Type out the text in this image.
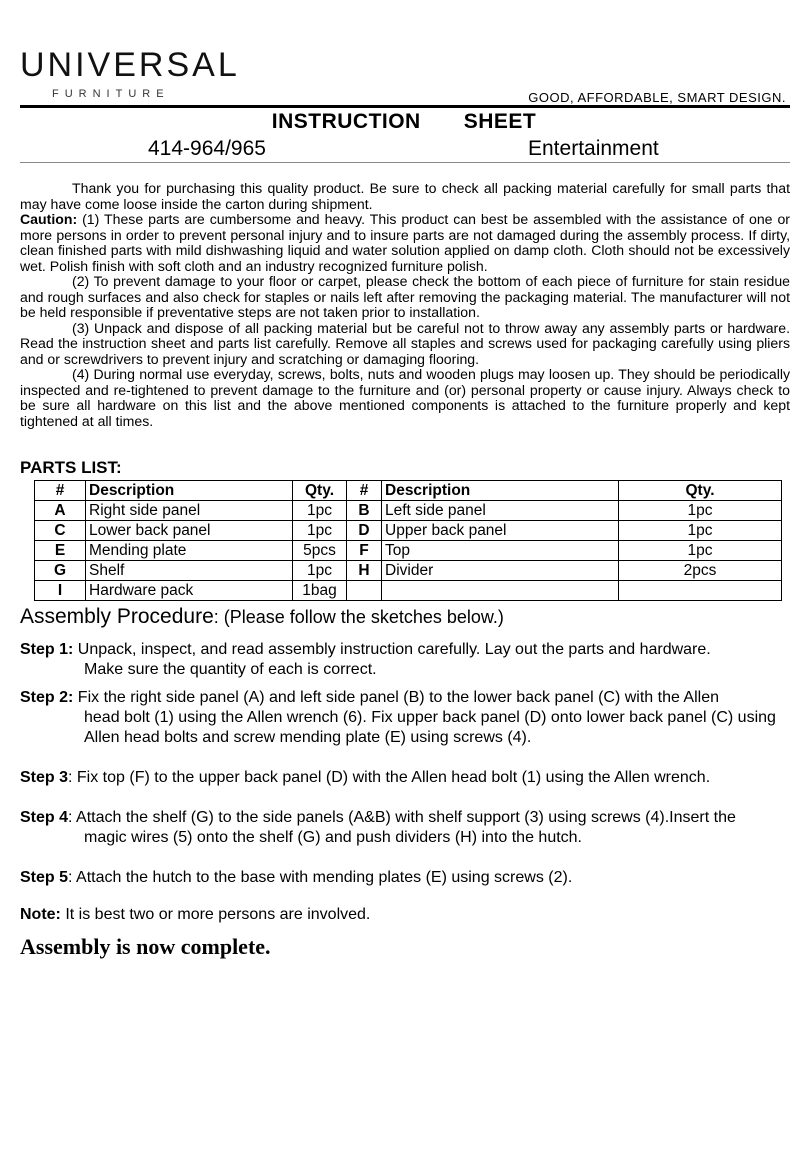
UNIVERSAL
FURNITURE	GOOD, AFFORDABLE, SMART DESIGN.
INSTRUCTION   SHEET
414-964/965	Entertainment

Thank you for purchasing this quality product. Be sure to check all packing material carefully for small parts that may have come loose inside the carton during shipment.

Caution: (1) These parts are cumbersome and heavy. This product can best be assembled with the assistance of one or more persons in order to prevent personal injury and to insure parts are not damaged during the assembly process. If dirty, clean finished parts with mild dishwashing liquid and water solution applied on damp cloth. Cloth should not be excessively wet. Polish finish with soft cloth and an industry recognized furniture polish.

(2) To prevent damage to your floor or carpet, please check the bottom of each piece of furniture for stain residue and rough surfaces and also check for staples or nails left after removing the packaging material. The manufacturer will not be held responsible if preventative steps are not taken prior to installation.

(3) Unpack and dispose of all packing material but be careful not to throw away any assembly parts or hardware. Read the instruction sheet and parts list carefully. Remove all staples and screws used for packaging carefully using pliers and or screwdrivers to prevent injury and scratching or damaging flooring.

(4) During normal use everyday, screws, bolts, nuts and wooden plugs may loosen up. They should be periodically inspected and re-tightened to prevent damage to the furniture and (or) personal property or cause injury. Always check to be sure all hardware on this list and the above mentioned components is attached to the furniture properly and kept tightened at all times.

PARTS LIST:
#	Description	Qty.	#	Description	Qty.
A	Right side panel	1pc	B	Left side panel	1pc
C	Lower back panel	1pc	D	Upper back panel	1pc
E	Mending plate	5pcs	F	Top	1pc
G	Shelf	1pc	H	Divider	2pcs
I	Hardware pack	1bag			
Assembly Procedure: (Please follow the sketches below.)
Step 1: Unpack, inspect, and read assembly instruction carefully. Lay out the parts and hardware.
Make sure the quantity of each is correct.
Step 2: Fix the right side panel (A) and left side panel (B) to the lower back panel (C) with the Allen
head bolt (1) using the Allen wrench (6). Fix upper back panel (D) onto lower back panel (C) using Allen head bolts and screw mending plate (E) using screws (4).
Step 3: Fix top (F) to the upper back panel (D) with the Allen head bolt (1) using the Allen wrench.
Step 4: Attach the shelf (G) to the side panels (A&B) with shelf support (3) using screws (4).Insert the
magic wires (5) onto the shelf (G) and push dividers (H) into the hutch.
Step 5: Attach the hutch to the base with mending plates (E) using screws (2).
Note: It is best two or more persons are involved.
Assembly is now complete.
